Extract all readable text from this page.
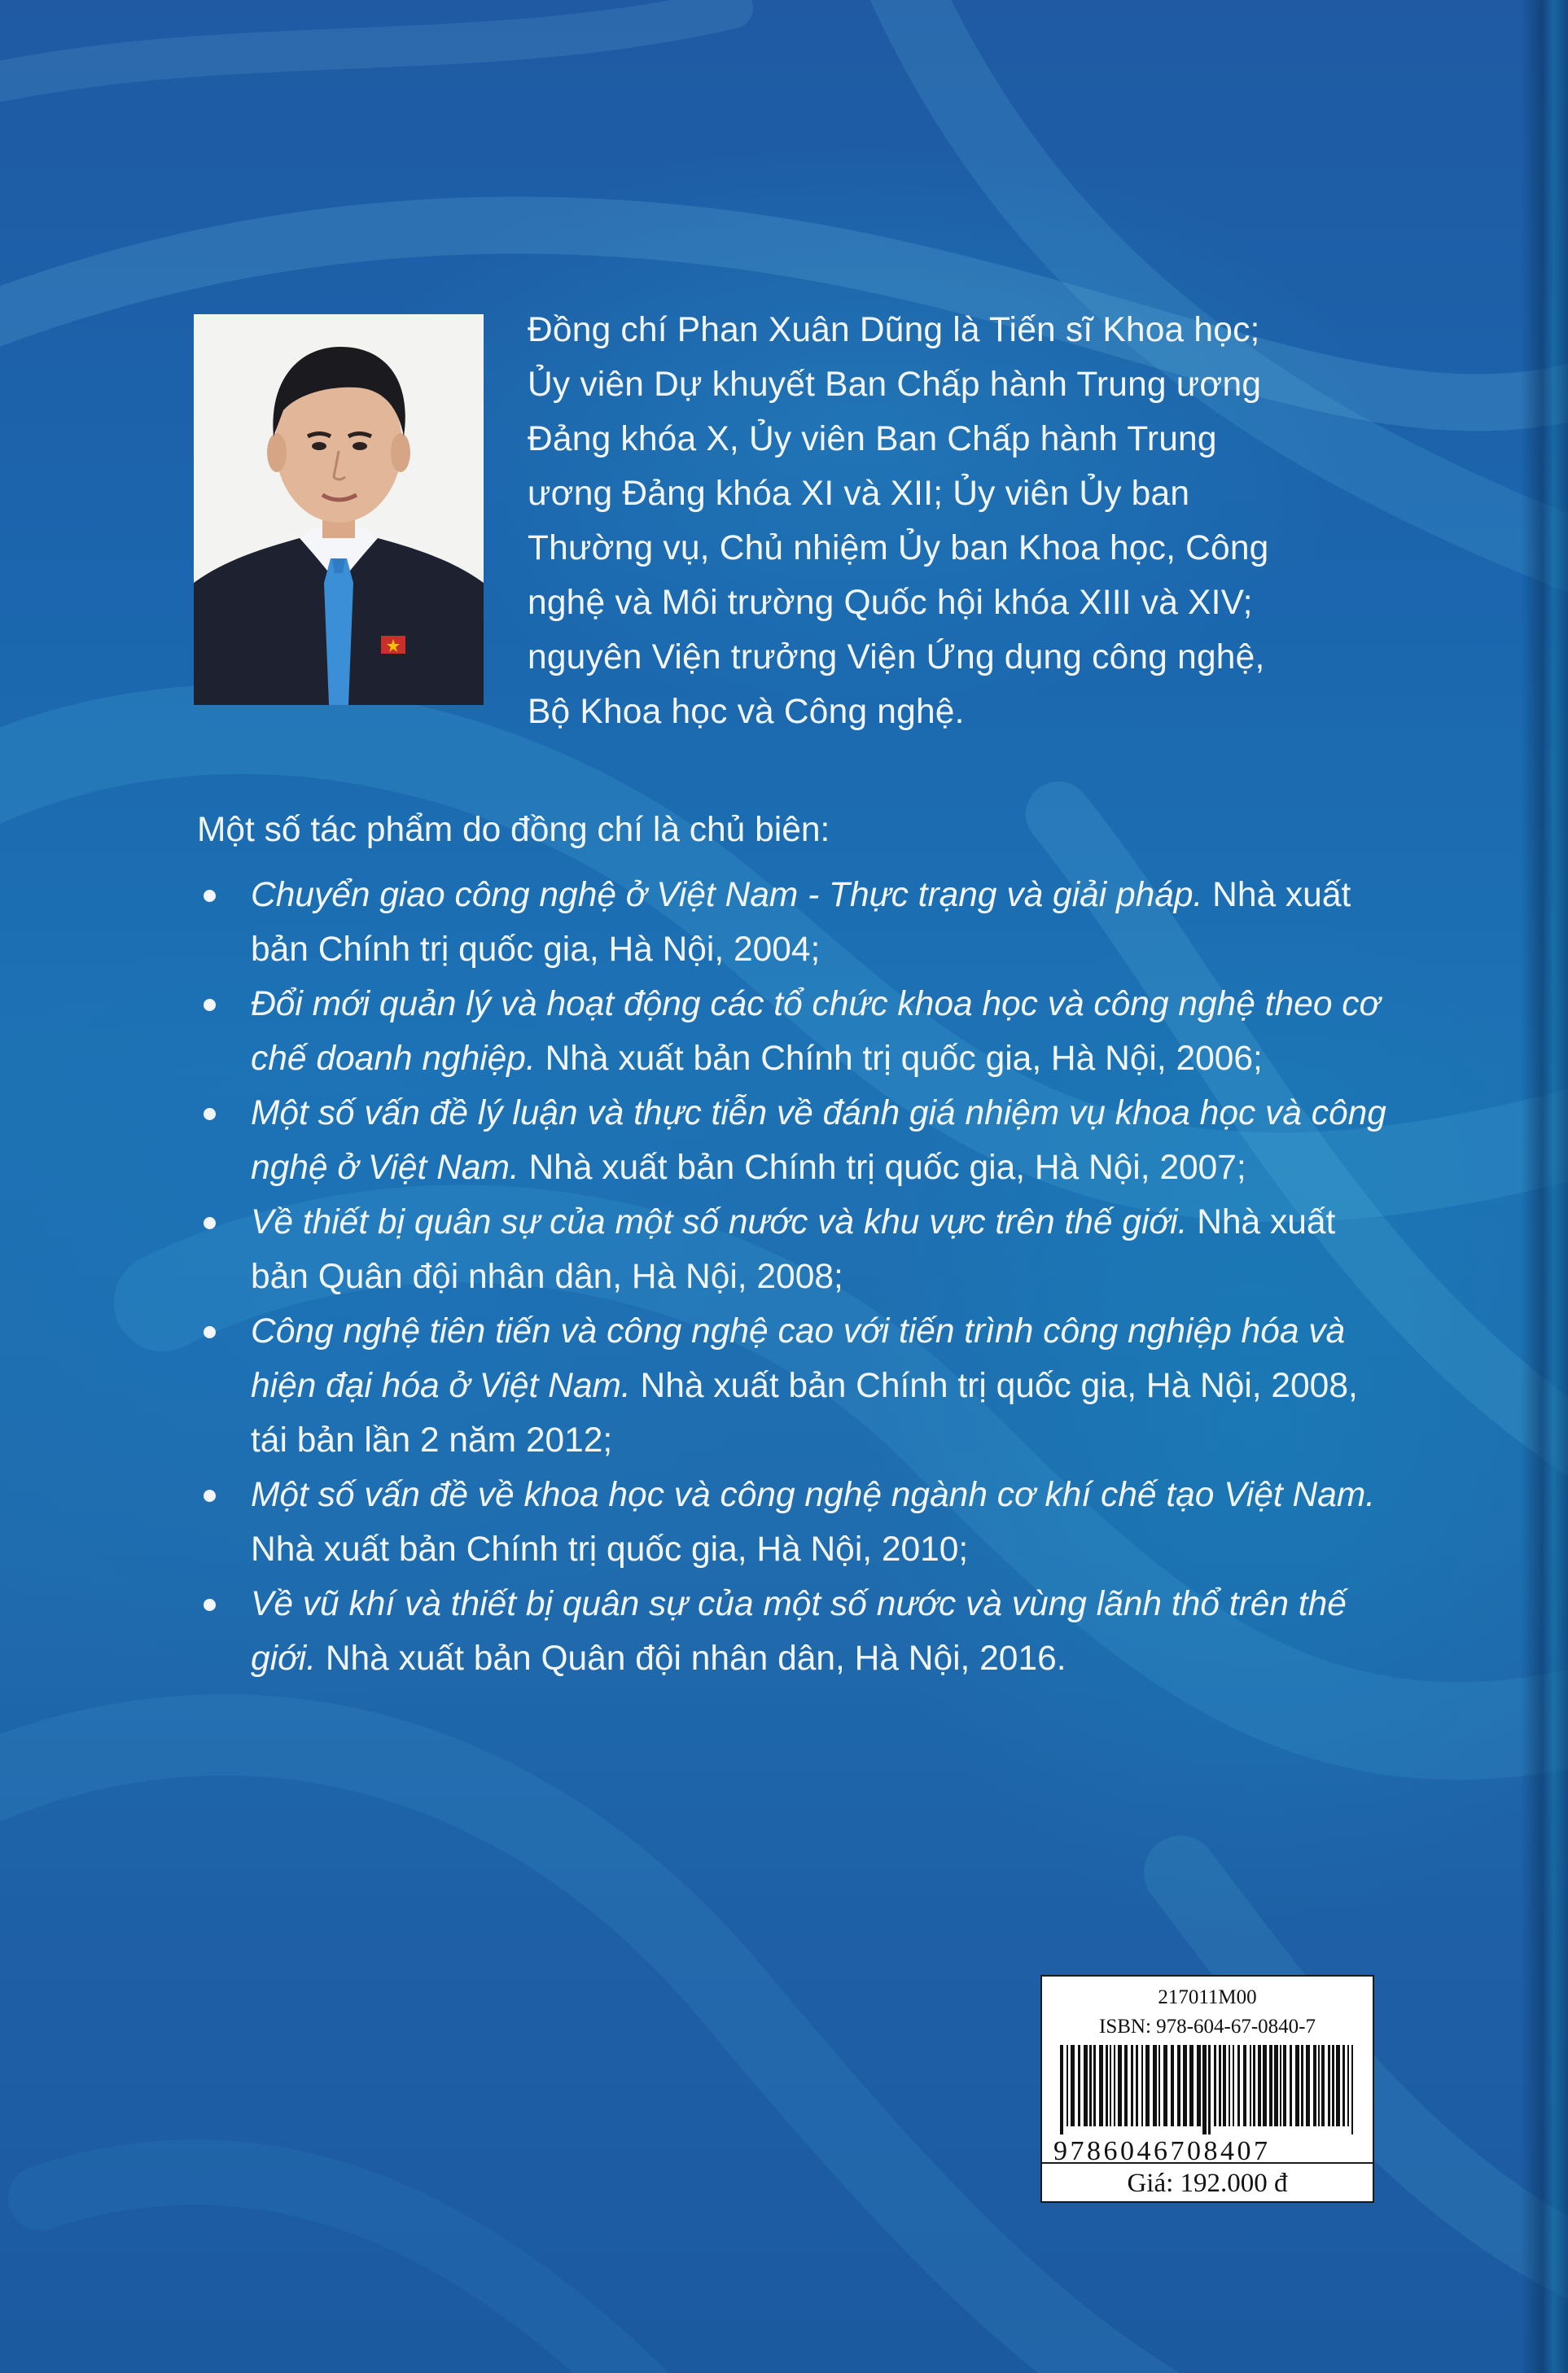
Đồng chí Phan Xuân Dũng là Tiến sĩ Khoa học;
Ủy viên Dự khuyết Ban Chấp hành Trung ương
Đảng khóa X, Ủy viên Ban Chấp hành Trung
ương Đảng khóa XI và XII; Ủy viên Ủy ban
Thường vụ, Chủ nhiệm Ủy ban Khoa học, Công
nghệ và Môi trường Quốc hội khóa XIII và XIV;
nguyên Viện trưởng Viện Ứng dụng công nghệ,
Bộ Khoa học và Công nghệ.

Một số tác phẩm do đồng chí là chủ biên:

Chuyển giao công nghệ ở Việt Nam - Thực trạng và giải pháp. Nhà xuất bản Chính trị quốc gia, Hà Nội, 2004;
Đổi mới quản lý và hoạt động các tổ chức khoa học và công nghệ theo cơ chế doanh nghiệp. Nhà xuất bản Chính trị quốc gia, Hà Nội, 2006;
Một số vấn đề lý luận và thực tiễn về đánh giá nhiệm vụ khoa học và công nghệ ở Việt Nam. Nhà xuất bản Chính trị quốc gia, Hà Nội, 2007;
Về thiết bị quân sự của một số nước và khu vực trên thế giới. Nhà xuất bản Quân đội nhân dân, Hà Nội, 2008;
Công nghệ tiên tiến và công nghệ cao với tiến trình công nghiệp hóa và hiện đại hóa ở Việt Nam. Nhà xuất bản Chính trị quốc gia, Hà Nội, 2008, tái bản lần 2 năm 2012;
Một số vấn đề về khoa học và công nghệ ngành cơ khí chế tạo Việt Nam. Nhà xuất bản Chính trị quốc gia, Hà Nội, 2010;
Về vũ khí và thiết bị quân sự của một số nước và vùng lãnh thổ trên thế giới. Nhà xuất bản Quân đội nhân dân, Hà Nội, 2016.
217011M00
ISBN: 978-604-67-0840-7
9786046708407
Giá: 192.000 đ
